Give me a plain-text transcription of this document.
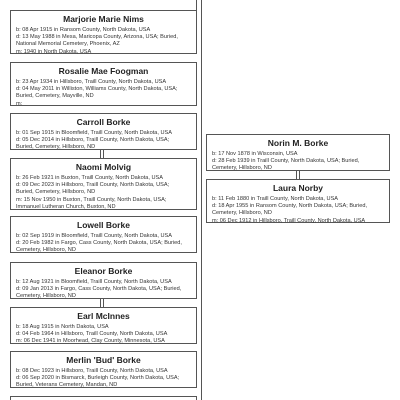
Marjorie Marie Nims
b: 08 Apr 1915 in Ransom County, North Dakota, USA
d: 13 May 1988 in Mesa, Maricopa County, Arizona, USA; Buried,
National Memorial Cemetery, Phoenix, AZ
m: 1940 in North Dakota, USA
Rosalie Mae Foogman
b: 23 Apr 1934 in Hillsboro, Traill County, North Dakota, USA
d: 04 May 2011 in Williston, Williams County, North Dakota, USA;
Buried, Cemetery, Mayville, ND
m:
Carroll Borke
b: 01 Sep 1915 in Bloomfield, Traill County, North Dakota, USA
d: 05 Dec 2014 in Hillsboro, Traill County, North Dakota, USA;
Buried, Cemetery, Hillsboro, ND
Naomi Molvig
b: 26 Feb 1921 in Buxton, Traill County, North Dakota, USA
d: 09 Dec 2023 in Hillsboro, Traill County, North Dakota, USA;
Buried, Cemetery, Hillsboro, ND
m: 15 Nov 1950 in Buxton, Traill County, North Dakota, USA;
Immanuel Lutheran Church, Buxton, ND
Lowell Borke
b: 02 Sep 1919 in Bloomfield, Traill County, North Dakota, USA
d: 20 Feb 1982 in Fargo, Cass County, North Dakota, USA; Buried,
Cemetery, Hillsboro, ND
Eleanor Borke
b: 12 Aug 1921 in Bloomfield, Traill County, North Dakota, USA
d: 09 Jan 2013 in Fargo, Cass County, North Dakota, USA; Buried,
Cemetery, Hillsboro, ND
Earl McInnes
b: 18 Aug 1915 in North Dakota, USA
d: 04 Feb 1964 in Hillsboro, Traill County, North Dakota, USA
m: 06 Dec 1941 in Moorhead, Clay County, Minnesota, USA
Merlin 'Bud' Borke
b: 08 Dec 1923 in Hillsboro, Traill County, North Dakota, USA
d: 06 Sep 2020 in Bismarck, Burleigh County, North Dakota, USA;
Buried, Veterans Cemetery, Mandan, ND
Norin M. Borke
b: 17 Nov 1878 in Wisconsin, USA
d: 28 Feb 1939 in Traill County, North Dakota, USA; Buried,
Cemetery, Hillsboro, ND
Laura Norby
b: 11 Feb 1880 in Traill County, North Dakota, USA
d: 18 Apr 1955 in Ransom County, North Dakota, USA; Buried,
Cemetery, Hillsboro, ND
m: 06 Dec 1912 in Hillsboro, Traill County, North Dakota, USA
